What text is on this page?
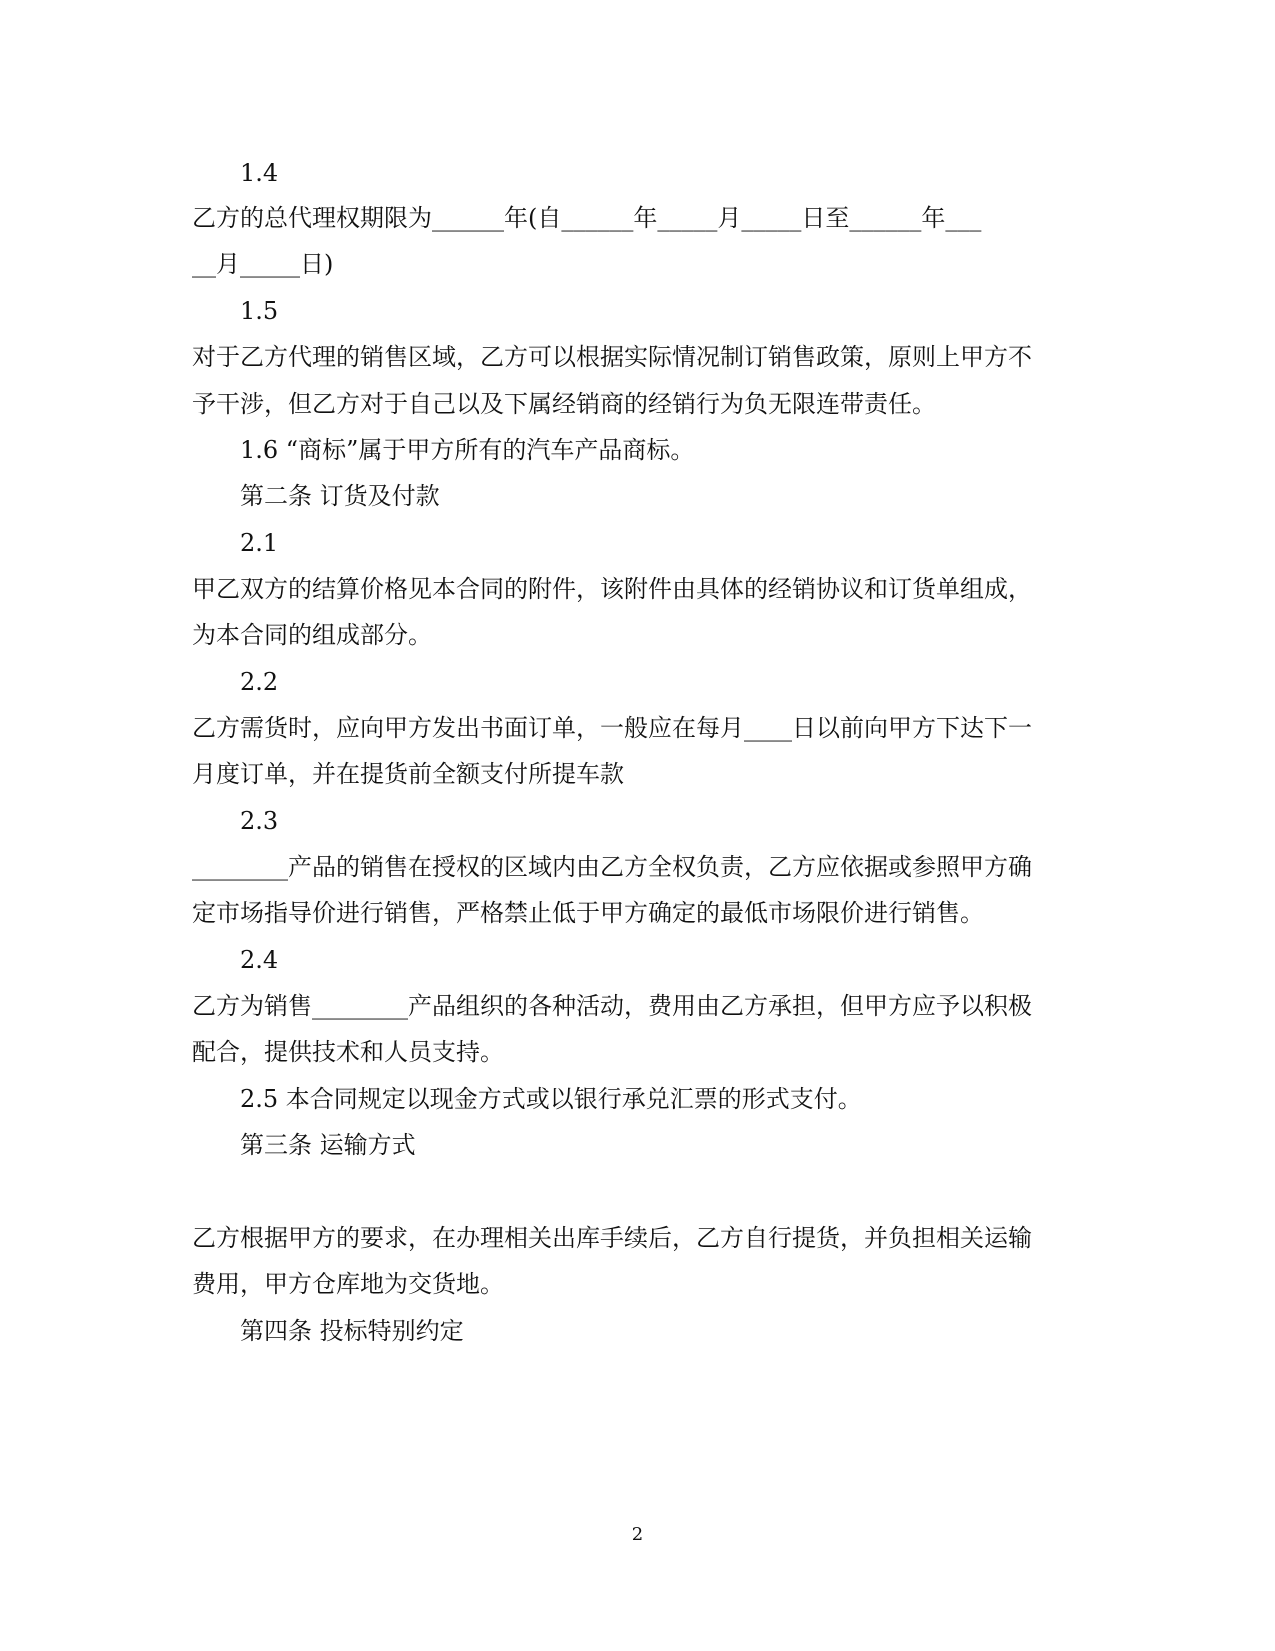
1.4
乙方的总代理权期限为______年(自______年_____月_____日至______年___
__月_____日)
1.5
对于乙方代理的销售区域，乙方可以根据实际情况制订销售政策，原则上甲方不
予干涉，但乙方对于自己以及下属经销商的经销行为负无限连带责任。
1.6 “商标”属于甲方所有的汽车产品商标。
第二条 订货及付款
2.1
甲乙双方的结算价格见本合同的附件，该附件由具体的经销协议和订货单组成，
为本合同的组成部分。
2.2
乙方需货时，应向甲方发出书面订单，一般应在每月____日以前向甲方下达下一
月度订单，并在提货前全额支付所提车款
2.3
________产品的销售在授权的区域内由乙方全权负责，乙方应依据或参照甲方确
定市场指导价进行销售，严格禁止低于甲方确定的最低市场限价进行销售。
2.4
乙方为销售________产品组织的各种活动，费用由乙方承担，但甲方应予以积极
配合，提供技术和人员支持。
2.5 本合同规定以现金方式或以银行承兑汇票的形式支付。
第三条 运输方式
乙方根据甲方的要求，在办理相关出库手续后，乙方自行提货，并负担相关运输
费用，甲方仓库地为交货地。
第四条 投标特别约定
2
